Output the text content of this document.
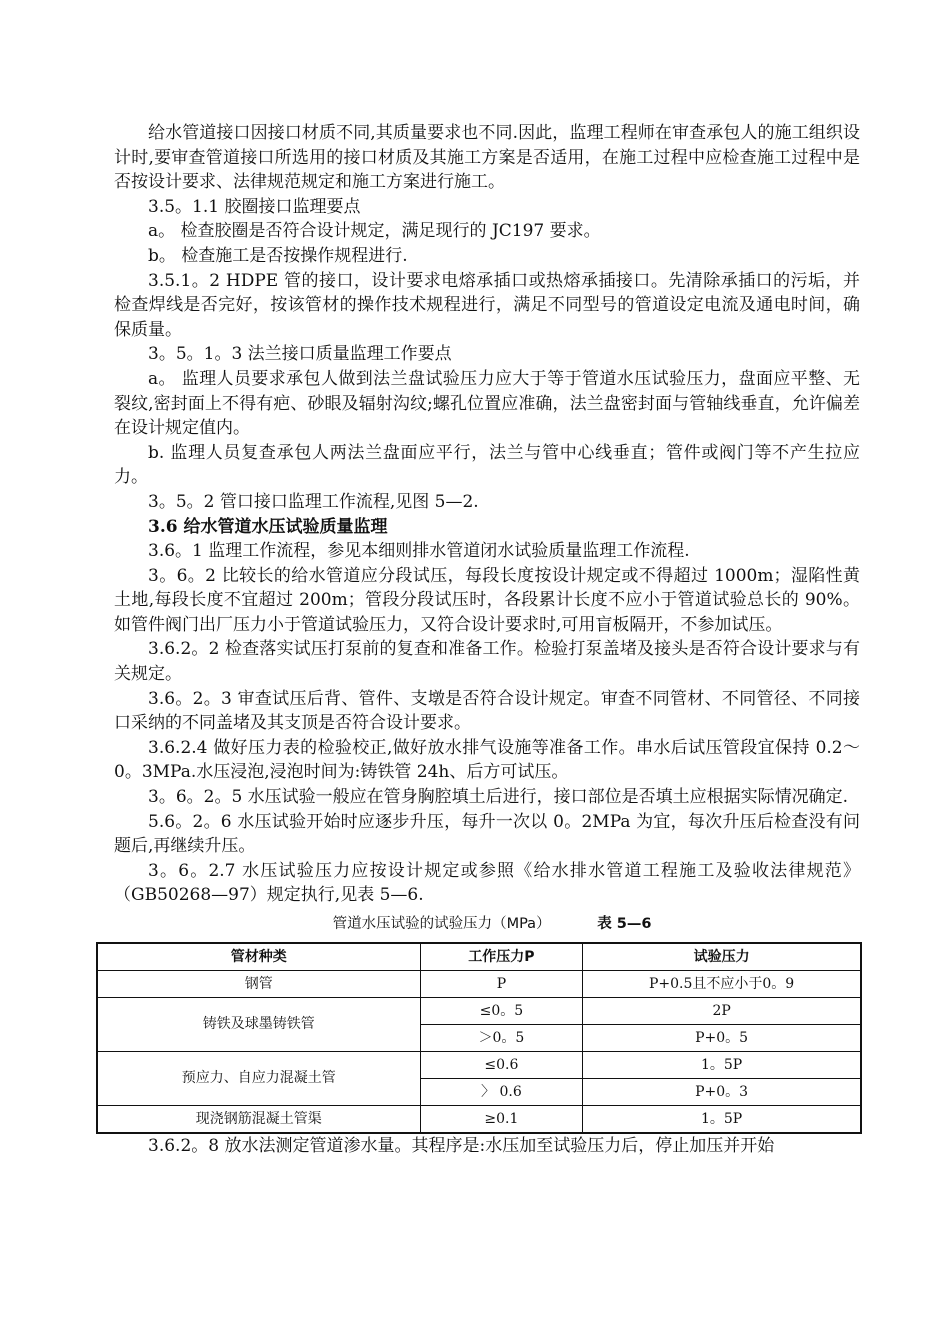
给水管道接口因接口材质不同,其质量要求也不同.因此，监理工程师在审查承包人的施工组织设计时,要审查管道接口所选用的接口材质及其施工方案是否适用，在施工过程中应检查施工过程中是否按设计要求、法律规范规定和施工方案进行施工。

3.5。1.1 胶圈接口监理要点

a。 检查胶圈是否符合设计规定，满足现行的 JC197 要求。

b。 检查施工是否按操作规程进行.

3.5.1。2 HDPE 管的接口，设计要求电熔承插口或热熔承插接口。先清除承插口的污垢，并检查焊线是否完好，按该管材的操作技术规程进行，满足不同型号的管道设定电流及通电时间，确保质量。

3。5。1。3 法兰接口质量监理工作要点

a。 监理人员要求承包人做到法兰盘试验压力应大于等于管道水压试验压力，盘面应平整、无裂纹,密封面上不得有疤、砂眼及辐射沟纹;螺孔位置应准确，法兰盘密封面与管轴线垂直，允许偏差在设计规定值内。

b. 监理人员复查承包人两法兰盘面应平行，法兰与管中心线垂直；管件或阀门等不产生拉应力。

3。5。2 管口接口监理工作流程,见图 5—2.

3.6 给水管道水压试验质量监理

3.6。1 监理工作流程，参见本细则排水管道闭水试验质量监理工作流程.

3。6。2 比较长的给水管道应分段试压，每段长度按设计规定或不得超过 1000m；湿陷性黄土地,每段长度不宜超过 200m；管段分段试压时，各段累计长度不应小于管道试验总长的 90%。如管件阀门出厂压力小于管道试验压力，又符合设计要求时,可用盲板隔开，不参加试压。

3.6.2。2 检查落实试压打泵前的复查和准备工作。检验打泵盖堵及接头是否符合设计要求与有关规定。

3.6。2。3 审查试压后背、管件、支墩是否符合设计规定。审查不同管材、不同管径、不同接口采纳的不同盖堵及其支顶是否符合设计要求。

3.6.2.4 做好压力表的检验校正,做好放水排气设施等准备工作。串水后试压管段宜保持 0.2～0。3MPa.水压浸泡,浸泡时间为:铸铁管 24h、后方可试压。

3。6。2。5 水压试验一般应在管身胸腔填土后进行，接口部位是否填土应根据实际情况确定.

5.6。2。6 水压试验开始时应逐步升压，每升一次以 0。2MPa 为宜，每次升压后检查没有问题后,再继续升压。

3。6。2.7 水压试验压力应按设计规定或参照《给水排水管道工程施工及验收法律规范》（GB50268—97）规定执行,见表 5—6.

管道水压试验的试验压力（MPa）	表 5—6
管材种类	工作压力P	试验压力
钢管	P	P+0.5且不应小于0。9
铸铁及球墨铸铁管	≤0。5	2P
	＞0。5	P+0。5
预应力、自应力混凝土管	≤0.6	1。5P
	〉 0.6	P+0。3
现浇钢筋混凝土管渠	≥0.1	1。5P

3.6.2。8 放水法测定管道渗水量。其程序是:水压加至试验压力后，停止加压并开始
